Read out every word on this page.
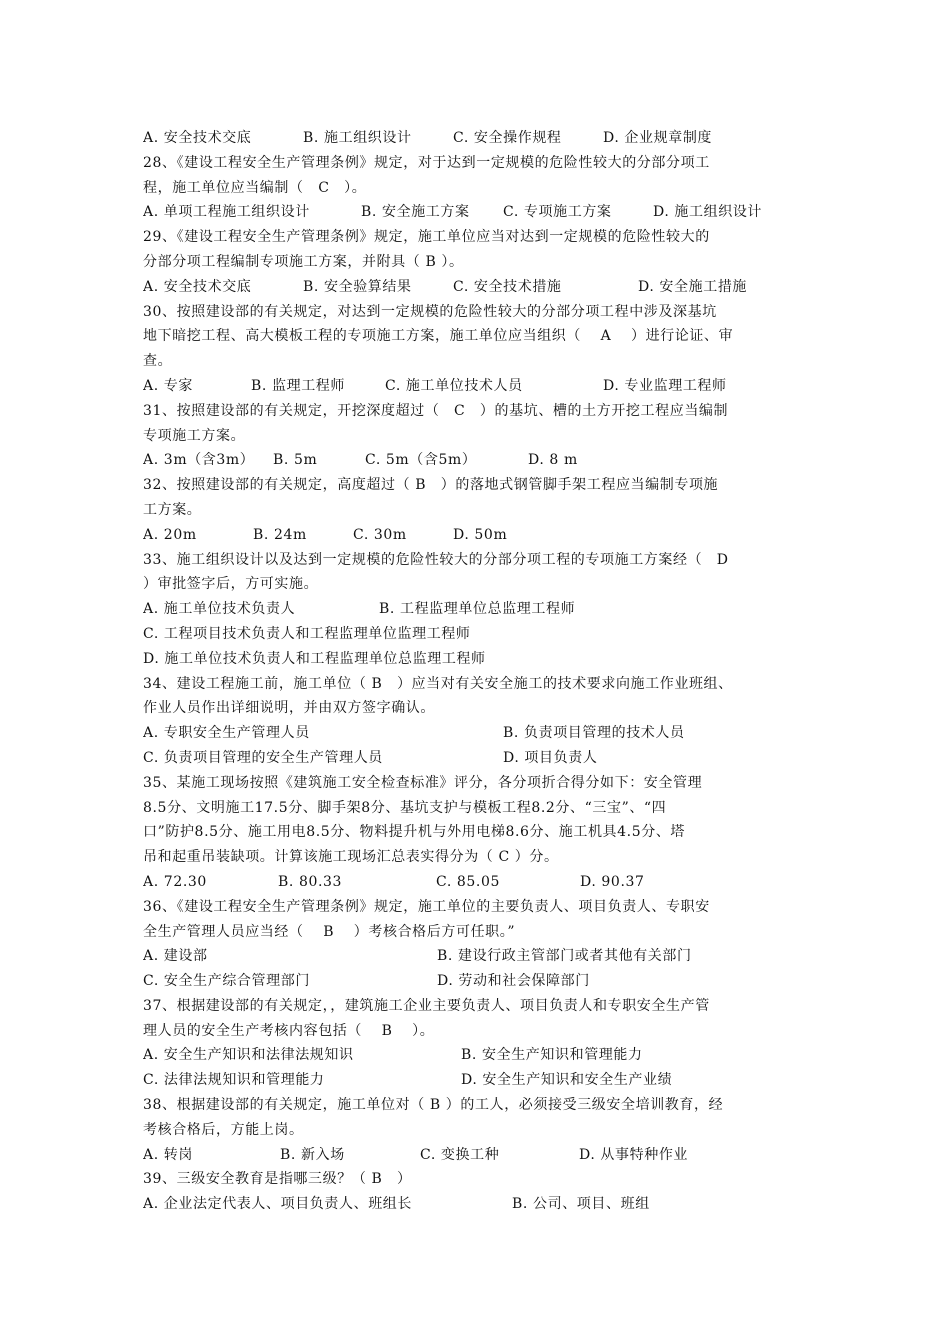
A. 安全技术交底	B. 施工组织设计	C. 安全操作规程	D. 企业规章制度
28、《建设工程安全生产管理条例》规定，对于达到一定规模的危险性较大的分部分项工
程，施工单位应当编制（　C　）。
A. 单项工程施工组织设计	B. 安全施工方案 C. 专项施工方案	D. 施工组织设计
29、《建设工程安全生产管理条例》规定，施工单位应当对达到一定规模的危险性较大的
分部分项工程编制专项施工方案，并附具（ B ）。
A. 安全技术交底	B. 安全验算结果	C. 安全技术措施	D. 安全施工措施
30、按照建设部的有关规定，对达到一定规模的危险性较大的分部分项工程中涉及深基坑
地下暗挖工程、高大模板工程的专项施工方案，施工单位应当组织（　 A　 ）进行论证、审
查。
A. 专家	B. 监理工程师	C. 施工单位技术人员	D. 专业监理工程师
31、按照建设部的有关规定，开挖深度超过（　C　）的基坑、槽的土方开挖工程应当编制
专项施工方案。
A. 3m（含3m） B. 5m	C. 5m（含5m）	D. 8 m
32、按照建设部的有关规定，高度超过（ B　）的落地式钢管脚手架工程应当编制专项施
工方案。
A. 20m	B. 24m	C. 30m	D. 50m
33、施工组织设计以及达到一定规模的危险性较大的分部分项工程的专项施工方案经（　D
）审批签字后，方可实施。
A. 施工单位技术负责人	B. 工程监理单位总监理工程师
C. 工程项目技术负责人和工程监理单位监理工程师
D. 施工单位技术负责人和工程监理单位总监理工程师
34、建设工程施工前，施工单位（ B　）应当对有关安全施工的技术要求向施工作业班组、
作业人员作出详细说明，并由双方签字确认。
A. 专职安全生产管理人员	B. 负责项目管理的技术人员
C. 负责项目管理的安全生产管理人员	D. 项目负责人
35、某施工现场按照《建筑施工安全检查标准》评分，各分项折合得分如下：安全管理
8.5分、文明施工17.5分、脚手架8分、基坑支护与模板工程8.2分、“三宝”、“四
口”防护8.5分、施工用电8.5分、物料提升机与外用电梯8.6分、施工机具4.5分、塔
吊和起重吊装缺项。计算该施工现场汇总表实得分为（ C ）分。
A. 72.30	B. 80.33	C. 85.05	D. 90.37
36、《建设工程安全生产管理条例》规定，施工单位的主要负责人、项目负责人、专职安
全生产管理人员应当经（　 B　 ）考核合格后方可任职。”
A. 建设部	B. 建设行政主管部门或者其他有关部门
C. 安全生产综合管理部门	D. 劳动和社会保障部门
37、根据建设部的有关规定，，建筑施工企业主要负责人、项目负责人和专职安全生产管
理人员的安全生产考核内容包括（　 B　 ）。
A. 安全生产知识和法律法规知识	B. 安全生产知识和管理能力
C. 法律法规知识和管理能力	D. 安全生产知识和安全生产业绩
38、根据建设部的有关规定，施工单位对（ B ）的工人，必须接受三级安全培训教育，经
考核合格后，方能上岗。
A. 转岗	B. 新入场	C. 变换工种	D. 从事特种作业
39、三级安全教育是指哪三级？（ B　）
A. 企业法定代表人、项目负责人、班组长	B. 公司、项目、班组
